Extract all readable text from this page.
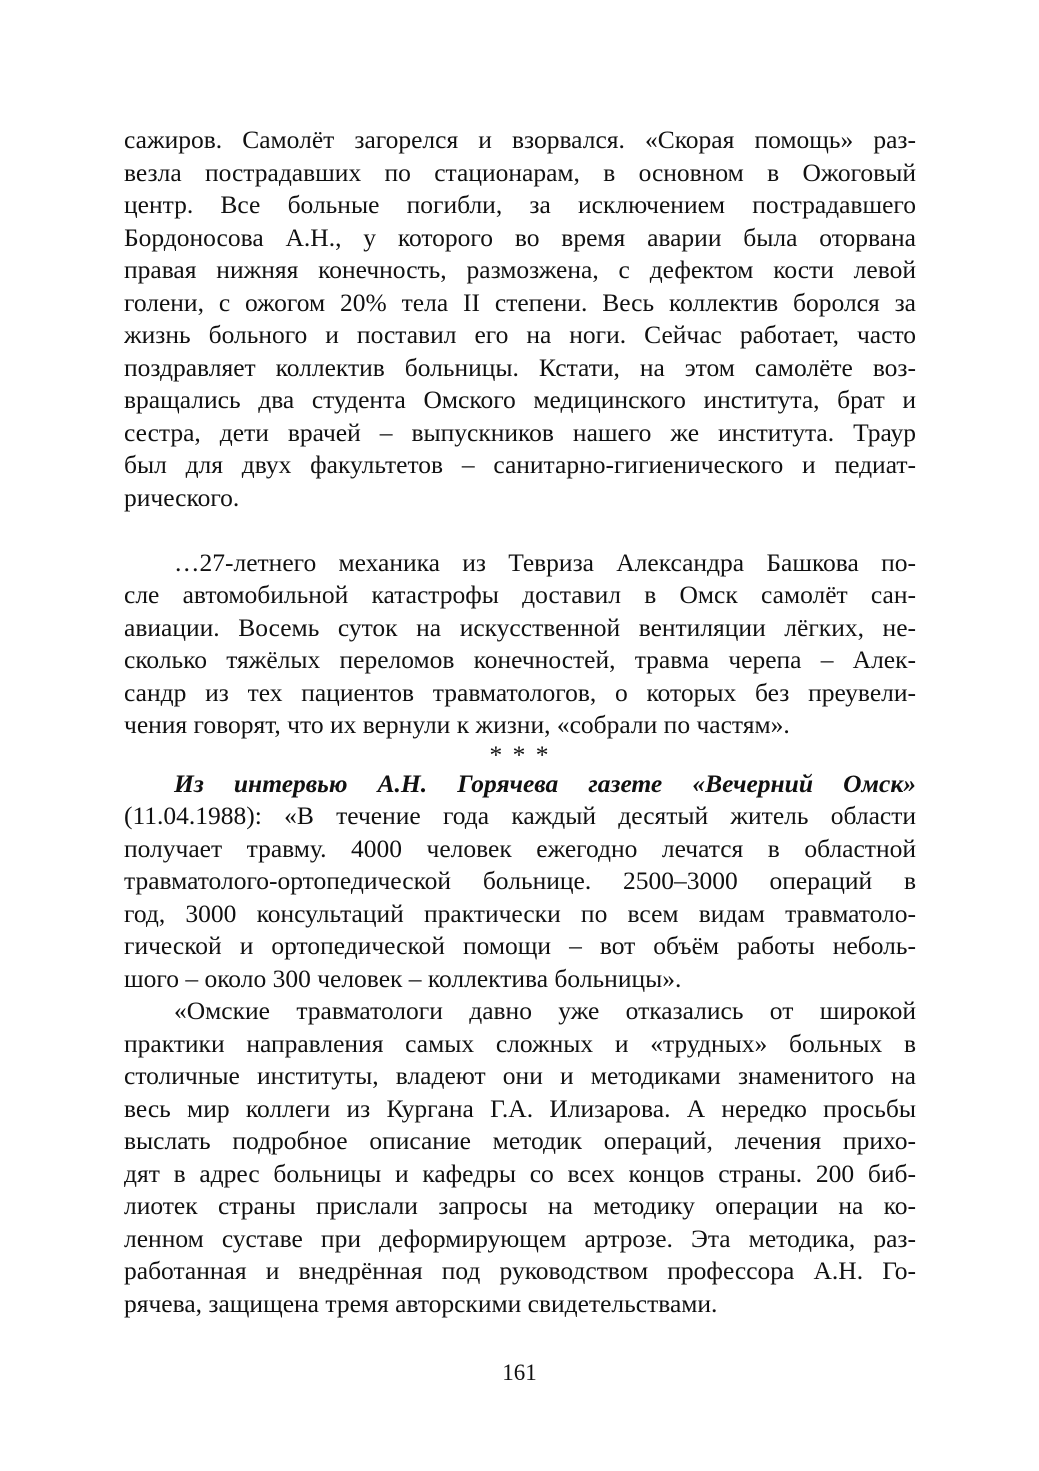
сажиров. Самолёт загорелся и взорвался. «Скорая помощь» раз-
везла пострадавших по стационарам, в основном в Ожоговый
центр. Все больные погибли, за исключением пострадавшего
Бордоносова А.Н., у которого во время аварии была оторвана
правая нижняя конечность, размозжена, с дефектом кости левой
голени, с ожогом 20% тела II степени. Весь коллектив боролся за
жизнь больного и поставил его на ноги. Сейчас работает, часто
поздравляет коллектив больницы. Кстати, на этом самолёте воз-
вращались два студента Омского медицинского института, брат и
сестра, дети врачей – выпускников нашего же института. Траур
был для двух факультетов – санитарно-гигиенического и педиат-
рического.
…27-летнего механика из Тевриза Александра Башкова по-
сле автомобильной катастрофы доставил в Омск самолёт сан-
авиации. Восемь суток на искусственной вентиляции лёгких, не-
сколько тяжёлых переломов конечностей, травма черепа – Алек-
сандр из тех пациентов травматологов, о которых без преувели-
чения говорят, что их вернули к жизни, «собрали по частям».
* * *
Из интервью А.Н. Горячева газете «Вечерний Омск»
(11.04.1988): «В течение года каждый десятый житель области
получает травму. 4000 человек ежегодно лечатся в областной
травматолого-ортопедической больнице. 2500–3000 операций в
год, 3000 консультаций практически по всем видам травматоло-
гической и ортопедической помощи – вот объём работы неболь-
шого – около 300 человек – коллектива больницы».
«Омские травматологи давно уже отказались от широкой
практики направления самых сложных и «трудных» больных в
столичные институты, владеют они и методиками знаменитого на
весь мир коллеги из Кургана Г.А. Илизарова. А нередко просьбы
выслать подробное описание методик операций, лечения прихо-
дят в адрес больницы и кафедры со всех концов страны. 200 биб-
лиотек страны прислали запросы на методику операции на ко-
ленном суставе при деформирующем артрозе. Эта методика, раз-
работанная и внедрённая под руководством профессора А.Н. Го-
рячева, защищена тремя авторскими свидетельствами.
161
